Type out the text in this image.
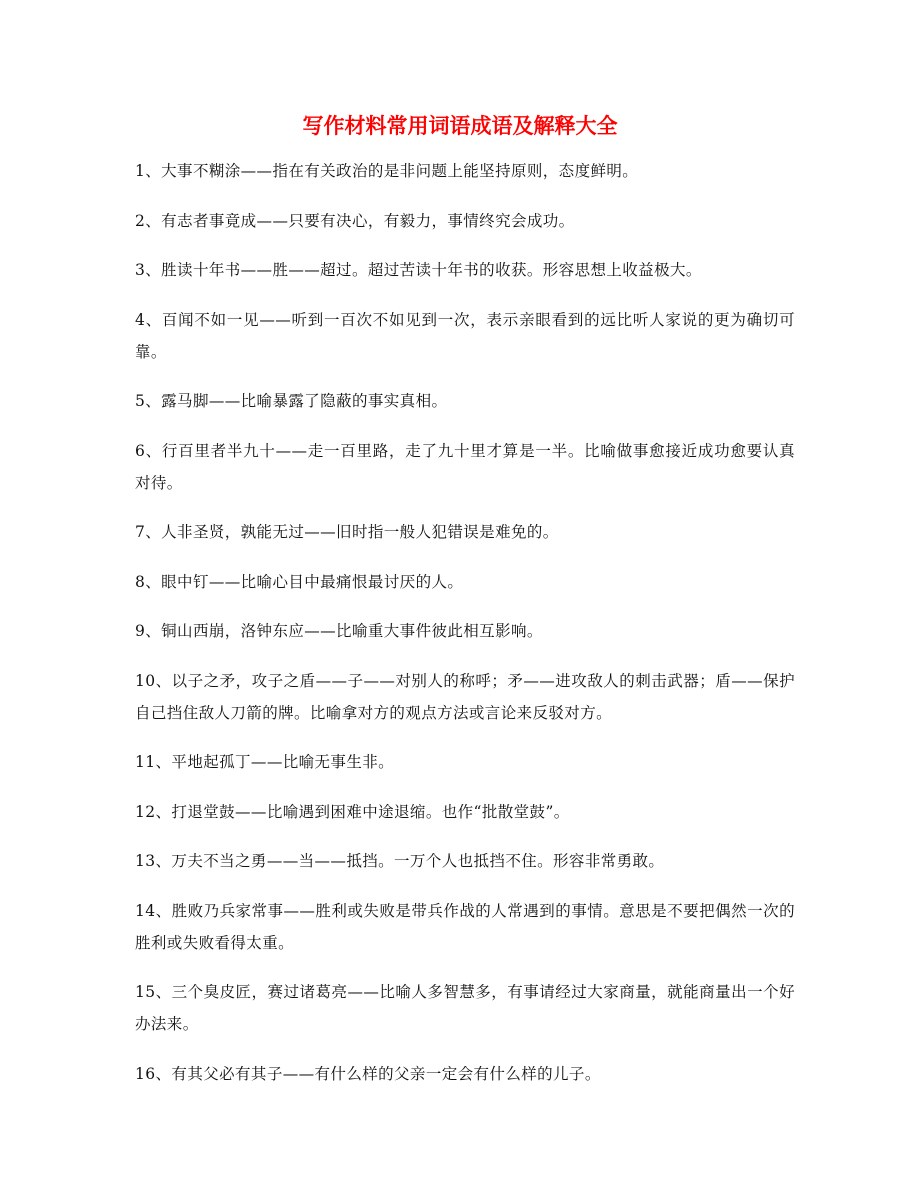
写作材料常用词语成语及解释大全

1、大事不糊涂——指在有关政治的是非问题上能坚持原则，态度鲜明。

2、有志者事竟成——只要有决心，有毅力，事情终究会成功。

3、胜读十年书——胜——超过。超过苦读十年书的收获。形容思想上收益极大。

4、百闻不如一见——听到一百次不如见到一次，表示亲眼看到的远比听人家说的更为确切可靠。

5、露马脚——比喻暴露了隐蔽的事实真相。

6、行百里者半九十——走一百里路，走了九十里才算是一半。比喻做事愈接近成功愈要认真对待。

7、人非圣贤，孰能无过——旧时指一般人犯错误是难免的。

8、眼中钉——比喻心目中最痛恨最讨厌的人。

9、铜山西崩，洛钟东应——比喻重大事件彼此相互影响。

10、以子之矛，攻子之盾——子——对别人的称呼；矛——进攻敌人的刺击武器；盾——保护自己挡住敌人刀箭的牌。比喻拿对方的观点方法或言论来反驳对方。

11、平地起孤丁——比喻无事生非。

12、打退堂鼓——比喻遇到困难中途退缩。也作“批散堂鼓”。

13、万夫不当之勇——当——抵挡。一万个人也抵挡不住。形容非常勇敢。

14、胜败乃兵家常事——胜利或失败是带兵作战的人常遇到的事情。意思是不要把偶然一次的胜利或失败看得太重。

15、三个臭皮匠，赛过诸葛亮——比喻人多智慧多，有事请经过大家商量，就能商量出一个好办法来。

16、有其父必有其子——有什么样的父亲一定会有什么样的儿子。
